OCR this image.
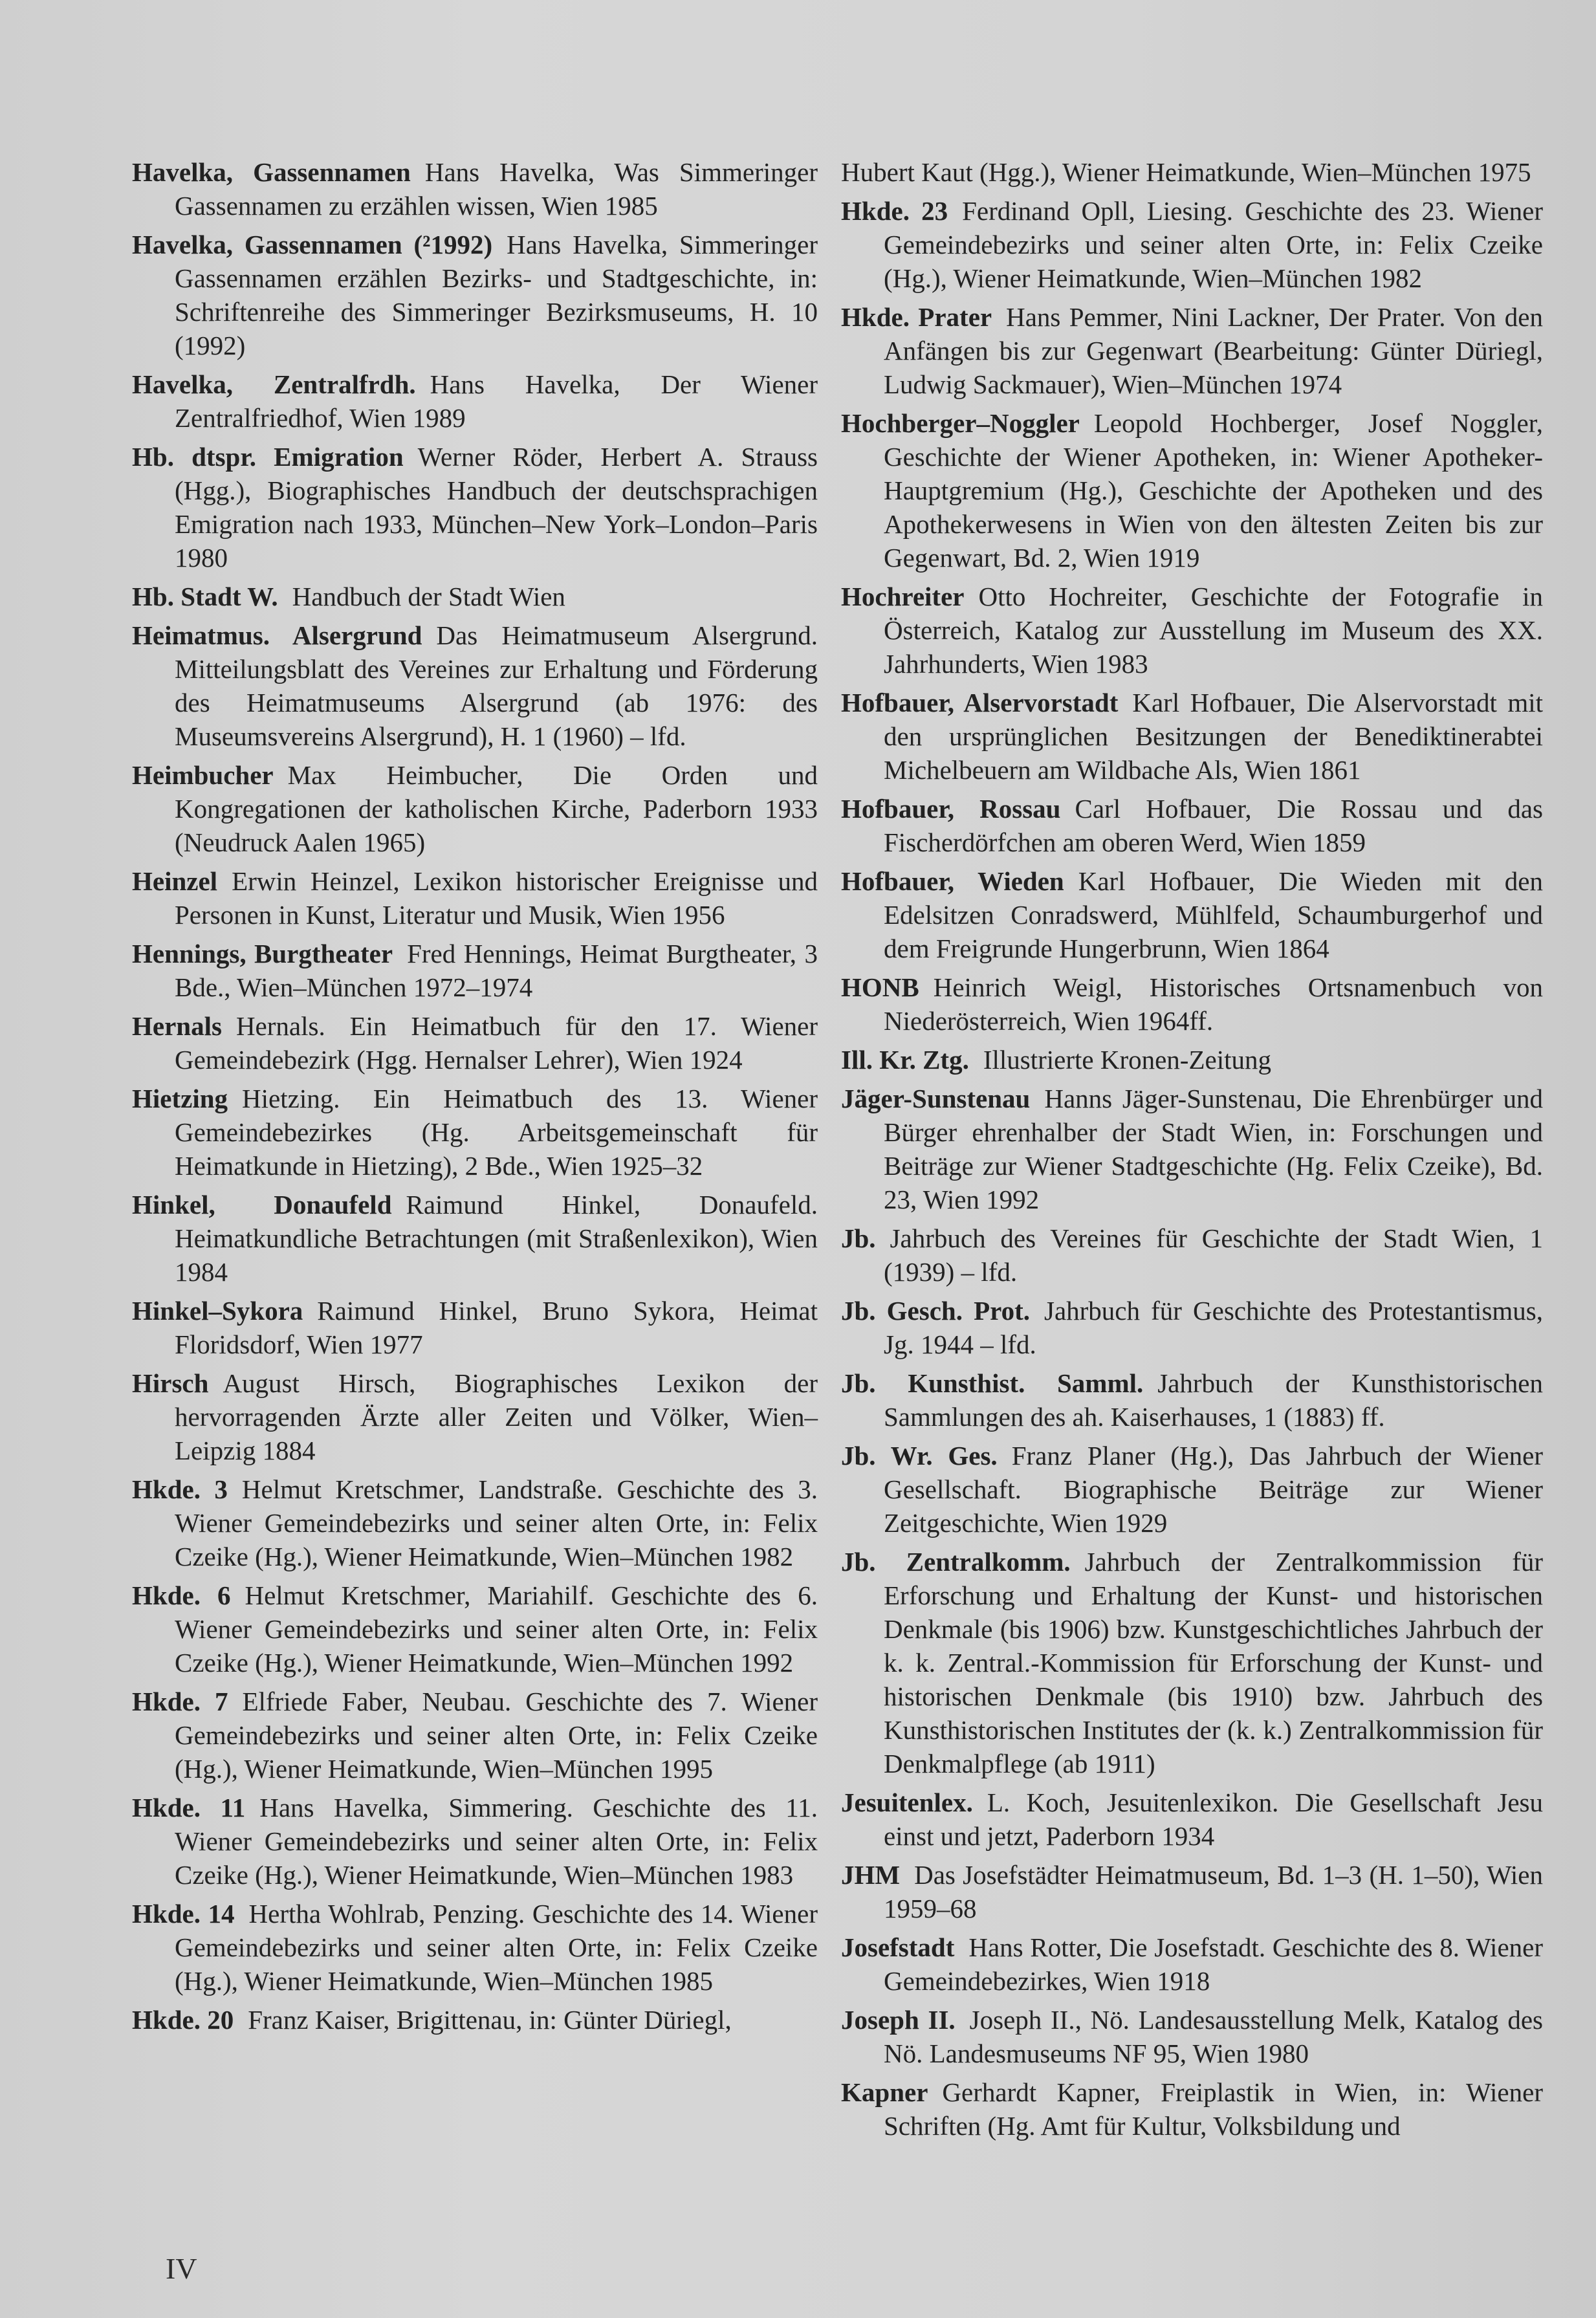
Havelka, Gassennamen Hans Havelka, Was Simmeringer Gassennamen zu erzählen wissen, Wien 1985

Havelka, Gassennamen (²1992) Hans Havelka, Simmeringer Gassennamen erzählen Bezirks- und Stadtgeschichte, in: Schriftenreihe des Simmeringer Bezirksmuseums, H. 10 (1992)

Havelka, Zentralfrdh. Hans Havelka, Der Wiener Zentralfriedhof, Wien 1989

Hb. dtspr. Emigration Werner Röder, Herbert A. Strauss (Hgg.), Biographisches Handbuch der deutschsprachigen Emigration nach 1933, München–New York–London–Paris 1980

Hb. Stadt W. Handbuch der Stadt Wien

Heimatmus. Alsergrund Das Heimatmuseum Alsergrund. Mitteilungsblatt des Vereines zur Erhaltung und Förderung des Heimatmuseums Alsergrund (ab 1976: des Museumsvereins Alsergrund), H. 1 (1960) – lfd.

Heimbucher Max Heimbucher, Die Orden und Kongregationen der katholischen Kirche, Paderborn 1933 (Neudruck Aalen 1965)

Heinzel Erwin Heinzel, Lexikon historischer Ereignisse und Personen in Kunst, Literatur und Musik, Wien 1956

Hennings, Burgtheater Fred Hennings, Heimat Burgtheater, 3 Bde., Wien–München 1972–1974

Hernals Hernals. Ein Heimatbuch für den 17. Wiener Gemeindebezirk (Hgg. Hernalser Lehrer), Wien 1924

Hietzing Hietzing. Ein Heimatbuch des 13. Wiener Gemeindebezirkes (Hg. Arbeitsgemeinschaft für Heimatkunde in Hietzing), 2 Bde., Wien 1925–32

Hinkel, Donaufeld Raimund Hinkel, Donaufeld. Heimatkundliche Betrachtungen (mit Straßenlexikon), Wien 1984

Hinkel–Sykora Raimund Hinkel, Bruno Sykora, Heimat Floridsdorf, Wien 1977

Hirsch August Hirsch, Biographisches Lexikon der hervorragenden Ärzte aller Zeiten und Völker, Wien–Leipzig 1884

Hkde. 3 Helmut Kretschmer, Landstraße. Geschichte des 3. Wiener Gemeindebezirks und seiner alten Orte, in: Felix Czeike (Hg.), Wiener Heimatkunde, Wien–München 1982

Hkde. 6 Helmut Kretschmer, Mariahilf. Geschichte des 6. Wiener Gemeindebezirks und seiner alten Orte, in: Felix Czeike (Hg.), Wiener Heimatkunde, Wien–München 1992

Hkde. 7 Elfriede Faber, Neubau. Geschichte des 7. Wiener Gemeindebezirks und seiner alten Orte, in: Felix Czeike (Hg.), Wiener Heimatkunde, Wien–München 1995

Hkde. 11 Hans Havelka, Simmering. Geschichte des 11. Wiener Gemeindebezirks und seiner alten Orte, in: Felix Czeike (Hg.), Wiener Heimatkunde, Wien–München 1983

Hkde. 14 Hertha Wohlrab, Penzing. Geschichte des 14. Wiener Gemeindebezirks und seiner alten Orte, in: Felix Czeike (Hg.), Wiener Heimatkunde, Wien–München 1985

Hkde. 20 Franz Kaiser, Brigittenau, in: Günter Düriegl,

Hubert Kaut (Hgg.), Wiener Heimatkunde, Wien–München 1975

Hkde. 23 Ferdinand Opll, Liesing. Geschichte des 23. Wiener Gemeindebezirks und seiner alten Orte, in: Felix Czeike (Hg.), Wiener Heimatkunde, Wien–München 1982

Hkde. Prater Hans Pemmer, Nini Lackner, Der Prater. Von den Anfängen bis zur Gegenwart (Bearbeitung: Günter Düriegl, Ludwig Sackmauer), Wien–München 1974

Hochberger–Noggler Leopold Hochberger, Josef Noggler, Geschichte der Wiener Apotheken, in: Wiener Apotheker-Hauptgremium (Hg.), Geschichte der Apotheken und des Apothekerwesens in Wien von den ältesten Zeiten bis zur Gegenwart, Bd. 2, Wien 1919

Hochreiter Otto Hochreiter, Geschichte der Fotografie in Österreich, Katalog zur Ausstellung im Museum des XX. Jahrhunderts, Wien 1983

Hofbauer, Alservorstadt Karl Hofbauer, Die Alservorstadt mit den ursprünglichen Besitzungen der Benediktinerabtei Michelbeuern am Wildbache Als, Wien 1861

Hofbauer, Rossau Carl Hofbauer, Die Rossau und das Fischerdörfchen am oberen Werd, Wien 1859

Hofbauer, Wieden Karl Hofbauer, Die Wieden mit den Edelsitzen Conradswerd, Mühlfeld, Schaumburgerhof und dem Freigrunde Hungerbrunn, Wien 1864

HONB Heinrich Weigl, Historisches Ortsnamenbuch von Niederösterreich, Wien 1964ff.

Ill. Kr. Ztg. Illustrierte Kronen-Zeitung

Jäger-Sunstenau Hanns Jäger-Sunstenau, Die Ehrenbürger und Bürger ehrenhalber der Stadt Wien, in: Forschungen und Beiträge zur Wiener Stadtgeschichte (Hg. Felix Czeike), Bd. 23, Wien 1992

Jb. Jahrbuch des Vereines für Geschichte der Stadt Wien, 1 (1939) – lfd.

Jb. Gesch. Prot. Jahrbuch für Geschichte des Protestantismus, Jg. 1944 – lfd.

Jb. Kunsthist. Samml. Jahrbuch der Kunsthistorischen Sammlungen des ah. Kaiserhauses, 1 (1883) ff.

Jb. Wr. Ges. Franz Planer (Hg.), Das Jahrbuch der Wiener Gesellschaft. Biographische Beiträge zur Wiener Zeitgeschichte, Wien 1929

Jb. Zentralkomm. Jahrbuch der Zentralkommission für Erforschung und Erhaltung der Kunst- und historischen Denkmale (bis 1906) bzw. Kunstgeschichtliches Jahrbuch der k. k. Zentral.-Kommission für Erforschung der Kunst- und historischen Denkmale (bis 1910) bzw. Jahrbuch des Kunsthistorischen Institutes der (k. k.) Zentralkommission für Denkmalpflege (ab 1911)

Jesuitenlex. L. Koch, Jesuitenlexikon. Die Gesellschaft Jesu einst und jetzt, Paderborn 1934

JHM Das Josefstädter Heimatmuseum, Bd. 1–3 (H. 1–50), Wien 1959–68

Josefstadt Hans Rotter, Die Josefstadt. Geschichte des 8. Wiener Gemeindebezirkes, Wien 1918

Joseph II. Joseph II., Nö. Landesausstellung Melk, Katalog des Nö. Landesmuseums NF 95, Wien 1980

Kapner Gerhardt Kapner, Freiplastik in Wien, in: Wiener Schriften (Hg. Amt für Kultur, Volksbildung und

IV
